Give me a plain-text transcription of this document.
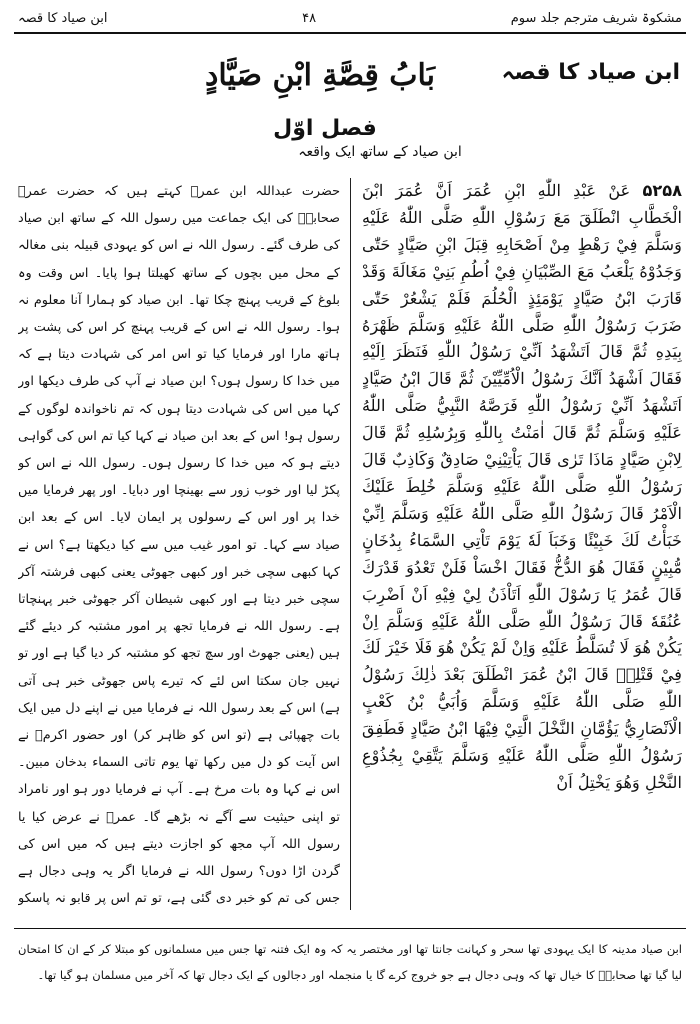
مشکوۃ شریف مترجم جلد سوم
۴۸
ابن صیاد کا قصہ
بَابُ قِصَّةِ ابْنِ صَيَّادٍ	ابن صیاد کا قصہ
فصل اوّل
ابن صیاد کے ساتھ ایک واقعہ
۵۲۵۸ عَنْ عَبْدِ اللّٰهِ ابْنِ عُمَرَ اَنَّ عُمَرَ ابْنَ الْخَطَّابِ انْطَلَقَ مَعَ رَسُوْلِ اللّٰهِ صَلَّى اللّٰهُ عَلَيْهِ وَسَلَّمَ فِيْ رَهْطٍ مِنْ اَصْحَابِهِ قِبَلَ ابْنِ صَيَّادٍ حَتّٰى وَجَدُوْهُ يَلْعَبُ مَعَ الصِّبْيَانِ فِيْ اُطُمِ بَنِيْ مَغَالَةَ وَقَدْ قَارَبَ ابْنُ صَيَّادٍ يَوْمَئِذٍ الْحُلُمَ فَلَمْ يَشْعُرْ حَتّٰى ضَرَبَ رَسُوْلُ اللّٰهِ صَلَّى اللّٰهُ عَلَيْهِ وَسَلَّمَ ظَهْرَهُ بِيَدِهِ ثُمَّ قَالَ اَتَشْهَدُ اَنِّيْ رَسُوْلُ اللّٰهِ فَنَظَرَ اِلَيْهِ فَقَالَ اَشْهَدُ اَنَّكَ رَسُوْلُ الْاُمِّيِّيْنَ ثُمَّ قَالَ ابْنُ صَيَّادٍ اَتَشْهَدُ اَنِّيْ رَسُوْلُ اللّٰهِ فَرَصَّهُ النَّبِيُّ صَلَّى اللّٰهُ عَلَيْهِ وَسَلَّمَ ثُمَّ قَالَ اٰمَنْتُ بِاللّٰهِ وَبِرُسُلِهِ ثُمَّ قَالَ لِابْنِ صَيَّادٍ مَاذَا تَرٰى قَالَ يَاْتِيْنِيْ صَادِقٌ وَكَاذِبٌ قَالَ رَسُوْلُ اللّٰهِ صَلَّى اللّٰهُ عَلَيْهِ وَسَلَّمَ خُلِطَ عَلَيْكَ الْاَمْرُ قَالَ رَسُوْلُ اللّٰهِ صَلَّى اللّٰهُ عَلَيْهِ وَسَلَّمَ اِنِّيْ خَبَأْتُ لَكَ خَبِيْئًا وَخَبَاَ لَهٗ يَوْمَ تَاْتِي السَّمَاءُ بِدُخَانٍ مُّبِيْنٍ فَقَالَ هُوَ الدُّخُّ فَقَالَ اخْسَاْ فَلَنْ تَعْدُوَ قَدْرَكَ قَالَ عُمَرُ يَا رَسُوْلَ اللّٰهِ اَتَاْذَنُ لِيْ فِيْهِ اَنْ اَضْرِبَ عُنُقَهٗ قَالَ رَسُوْلُ اللّٰهِ صَلَّى اللّٰهُ عَلَيْهِ وَسَلَّمَ اِنْ يَكُنْ هُوَ لَا تُسَلَّطُ عَلَيْهِ وَاِنْ لَمْ يَكُنْ هُوَ فَلَا خَيْرَ لَكَ فِيْ قَتْلِهٖ قَالَ ابْنُ عُمَرَ انْطَلَقَ بَعْدَ ذٰلِكَ رَسُوْلُ اللّٰهِ صَلَّى اللّٰهُ عَلَيْهِ وَسَلَّمَ وَاُبَيُّ بْنُ كَعْبٍ الْاَنْصَارِيُّ يَؤُمَّانِ النَّخْلَ الَّتِيْ فِيْهَا ابْنُ صَيَّادٍ فَطَفِقَ رَسُوْلُ اللّٰهِ صَلَّى اللّٰهُ عَلَيْهِ وَسَلَّمَ يَتَّقِيْ بِجُذُوْعِ النَّخْلِ وَهُوَ يَخْتِلُ اَنْ
حضرت عبداللہ ابن عمرؓ کہتے ہیں کہ حضرت عمرؓ صحابہؓ کی ایک جماعت میں رسول اللہ کے ساتھ ابن صیاد کی طرف گئے۔ رسول اللہ نے اس کو یہودی قبیلہ بنی مغالہ کے محل میں بچوں کے ساتھ کھیلتا ہوا پایا۔ اس وقت وہ بلوغ کے قریب پہنچ چکا تھا۔ ابن صیاد کو ہمارا آنا معلوم نہ ہوا۔ رسول اللہ نے اس کے قریب پہنچ کر اس کی پشت پر ہاتھ مارا اور فرمایا کیا تو اس امر کی شہادت دیتا ہے کہ میں خدا کا رسول ہوں؟ ابن صیاد نے آپ کی طرف دیکھا اور کہا میں اس کی شہادت دیتا ہوں کہ تم ناخواندہ لوگوں کے رسول ہو! اس کے بعد ابن صیاد نے کہا کیا تم اس کی گواہی دیتے ہو کہ میں خدا کا رسول ہوں۔ رسول اللہ نے اس کو پکڑ لیا اور خوب زور سے بھینچا اور دبایا۔ اور پھر فرمایا میں خدا پر اور اس کے رسولوں پر ایمان لایا۔ اس کے بعد ابن صیاد سے کہا۔ تو امور غیب میں سے کیا دیکھتا ہے؟ اس نے کہا کبھی سچی خبر اور کبھی جھوٹی یعنی کبھی فرشتہ آکر سچی خبر دیتا ہے اور کبھی شیطان آکر جھوٹی خبر پہنچاتا ہے۔ رسول اللہ نے فرمایا تجھ پر امور مشتبہ کر دیئے گئے ہیں (یعنی جھوٹ اور سچ تجھ کو مشتبہ کر دیا گیا ہے اور تو نہیں جان سکتا اس لئے کہ تیرے پاس جھوٹی خبر ہی آتی ہے) اس کے بعد رسول اللہ نے فرمایا میں نے اپنے دل میں ایک بات چھپائی ہے (تو اس کو ظاہر کر) اور حضور اکرمؐ نے اس آیت کو دل میں رکھا تھا یوم تاتی السماء بدخان مبین۔ اس نے کہا وہ بات مرخ ہے۔ آپ نے فرمایا دور ہو اور نامراد تو اپنی حیثیت سے آگے نہ بڑھے گا۔ عمرؓ نے عرض کیا یا رسول اللہ آپ مجھ کو اجازت دیتے ہیں کہ میں اس کی گردن اڑا دوں؟ رسول اللہ نے فرمایا اگر یہ وہی دجال ہے جس کی تم کو خبر دی گئی ہے، تو تم اس پر قابو نہ پاسکو
ابن صیاد مدینہ کا ایک یہودی تھا سحر و کہانت جانتا تھا اور مختصر یہ کہ وہ ایک فتنہ تھا جس میں مسلمانوں کو مبتلا کر کے ان کا امتحان لیا گیا تھا صحابہؓ کا خیال تھا کہ وہی دجال ہے جو خروج کرے گا یا منجملہ اور دجالوں کے ایک دجال تھا کہ آخر میں مسلمان ہو گیا تھا۔
